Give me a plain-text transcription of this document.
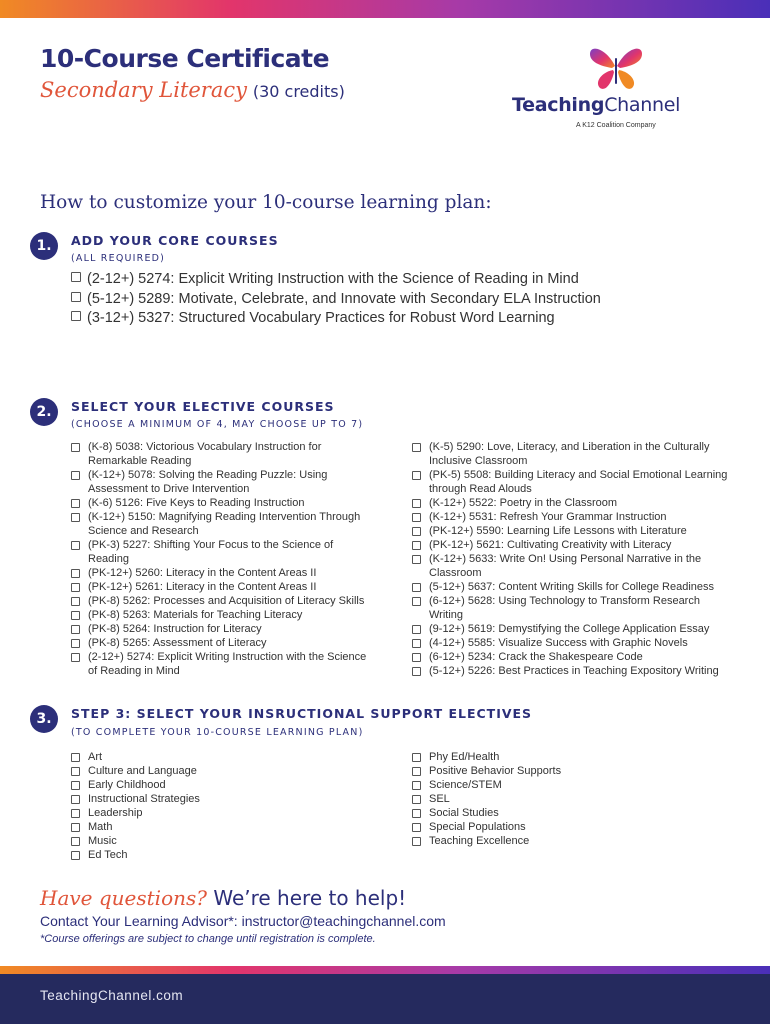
10-Course Certificate
Secondary Literacy (30 credits)
TeachingChannel
A K12 Coalition Company
How to customize your 10-course learning plan:
1.	ADD YOUR CORE COURSES
(ALL REQUIRED)
(2-12+) 5274: Explicit Writing Instruction with the Science of Reading in Mind
(5-12+) 5289: Motivate, Celebrate, and Innovate with Secondary ELA Instruction
(3-12+) 5327: Structured Vocabulary Practices for Robust Word Learning
2.	SELECT YOUR ELECTIVE COURSES
(CHOOSE A MINIMUM OF 4, MAY CHOOSE UP TO 7)
(K-8) 5038: Victorious Vocabulary Instruction for Remarkable Reading
(K-12+) 5078: Solving the Reading Puzzle: Using Assessment to Drive Intervention
(K-6) 5126: Five Keys to Reading Instruction
(K-12+) 5150: Magnifying Reading Intervention Through Science and Research
(PK-3) 5227: Shifting Your Focus to the Science of Reading
(PK-12+) 5260: Literacy in the Content Areas II
(PK-12+) 5261: Literacy in the Content Areas II
(PK-8) 5262: Processes and Acquisition of Literacy Skills
(PK-8) 5263: Materials for Teaching Literacy
(PK-8) 5264: Instruction for Literacy
(PK-8) 5265: Assessment of Literacy
(2-12+) 5274: Explicit Writing Instruction with the Science of Reading in Mind
(K-5) 5290: Love, Literacy, and Liberation in the Culturally Inclusive Classroom
(PK-5) 5508: Building Literacy and Social Emotional Learning through Read Alouds
(K-12+) 5522: Poetry in the Classroom
(K-12+) 5531: Refresh Your Grammar Instruction
(PK-12+) 5590: Learning Life Lessons with Literature
(PK-12+) 5621: Cultivating Creativity with Literacy
(K-12+) 5633: Write On! Using Personal Narrative in the Classroom
(5-12+) 5637: Content Writing Skills for College Readiness
(6-12+) 5628: Using Technology to Transform Research Writing
(9-12+) 5619: Demystifying the College Application Essay
(4-12+) 5585: Visualize Success with Graphic Novels
(6-12+) 5234: Crack the Shakespeare Code
(5-12+) 5226: Best Practices in Teaching Expository Writing
3.	STEP 3: SELECT YOUR INSRUCTIONAL SUPPORT ELECTIVES
(TO COMPLETE YOUR 10-COURSE LEARNING PLAN)
Art
Culture and Language
Early Childhood
Instructional Strategies
Leadership
Math
Music
Ed Tech
Phy Ed/Health
Positive Behavior Supports
Science/STEM
SEL
Social Studies
Special Populations
Teaching Excellence
Have questions? We’re here to help!
Contact Your Learning Advisor*: instructor@teachingchannel.com
*Course offerings are subject to change until registration is complete.
TeachingChannel.com
